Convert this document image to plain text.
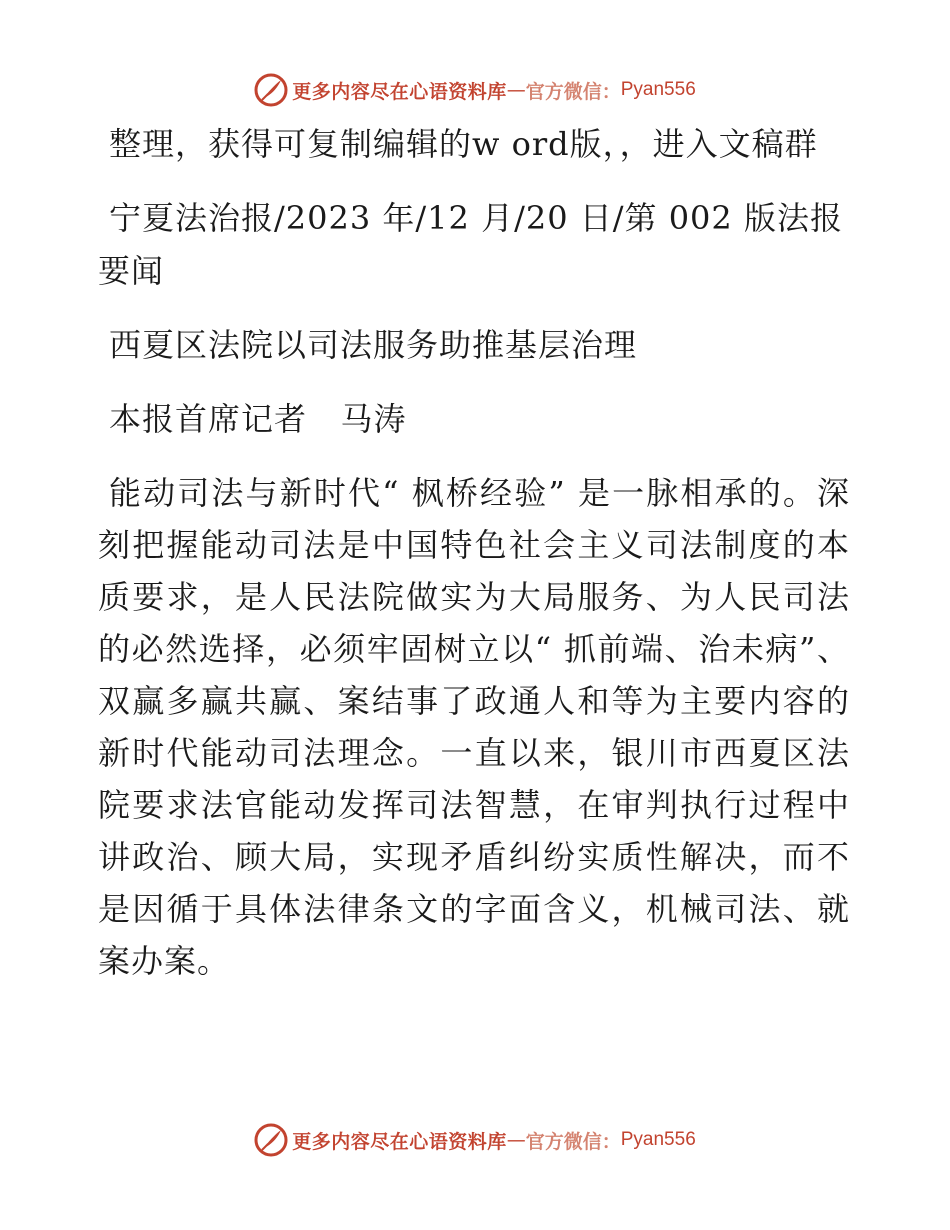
更多内容尽在心语资料库 — 官方微信： Pyan556

整理，获得可复制编辑的w ord版，，进入文稿群

宁夏法治报/2023 年/12 月/20 日/第 002 版法报要闻

西夏区法院以司法服务助推基层治理

本报首席记者   马涛

能动司法与新时代“ 枫桥经验” 是一脉相承的。深刻把握能动司法是中国特色社会主义司法制度的本质要求，是人民法院做实为大局服务、为人民司法的必然选择，必须牢固树立以“ 抓前端、治未病”、双赢多赢共赢、案结事了政通人和等为主要内容的新时代能动司法理念。一直以来，银川市西夏区法院要求法官能动发挥司法智慧，在审判执行过程中讲政治、顾大局，实现矛盾纠纷实质性解决，而不是因循于具体法律条文的字面含义，机械司法、就案办案。

更多内容尽在心语资料库 — 官方微信： Pyan556
